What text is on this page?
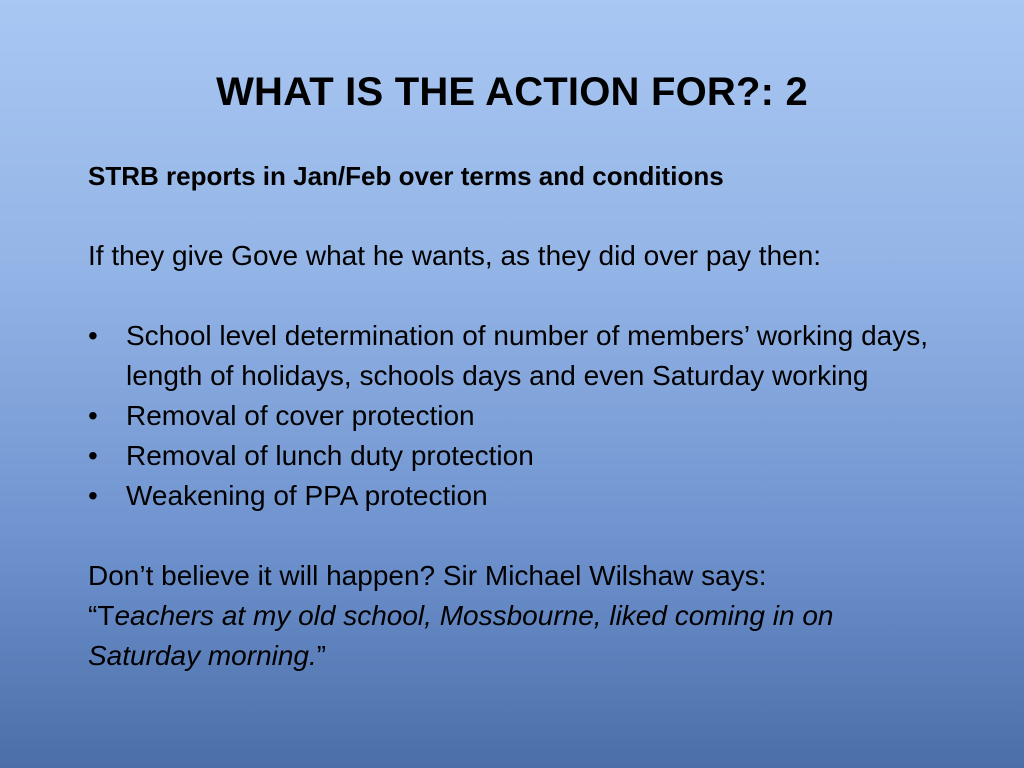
WHAT IS THE ACTION FOR?: 2

STRB reports in Jan/Feb over terms and conditions

If they give Gove what he wants, as they did over pay then:

•	School level determination of number of members’ working days, length of holidays, schools days and even Saturday working
•	Removal of cover protection
•	Removal of lunch duty protection
•	Weakening of PPA protection

Don’t believe it will happen? Sir Michael Wilshaw says:

“Teachers at my old school, Mossbourne, liked coming in on

Saturday morning.”
